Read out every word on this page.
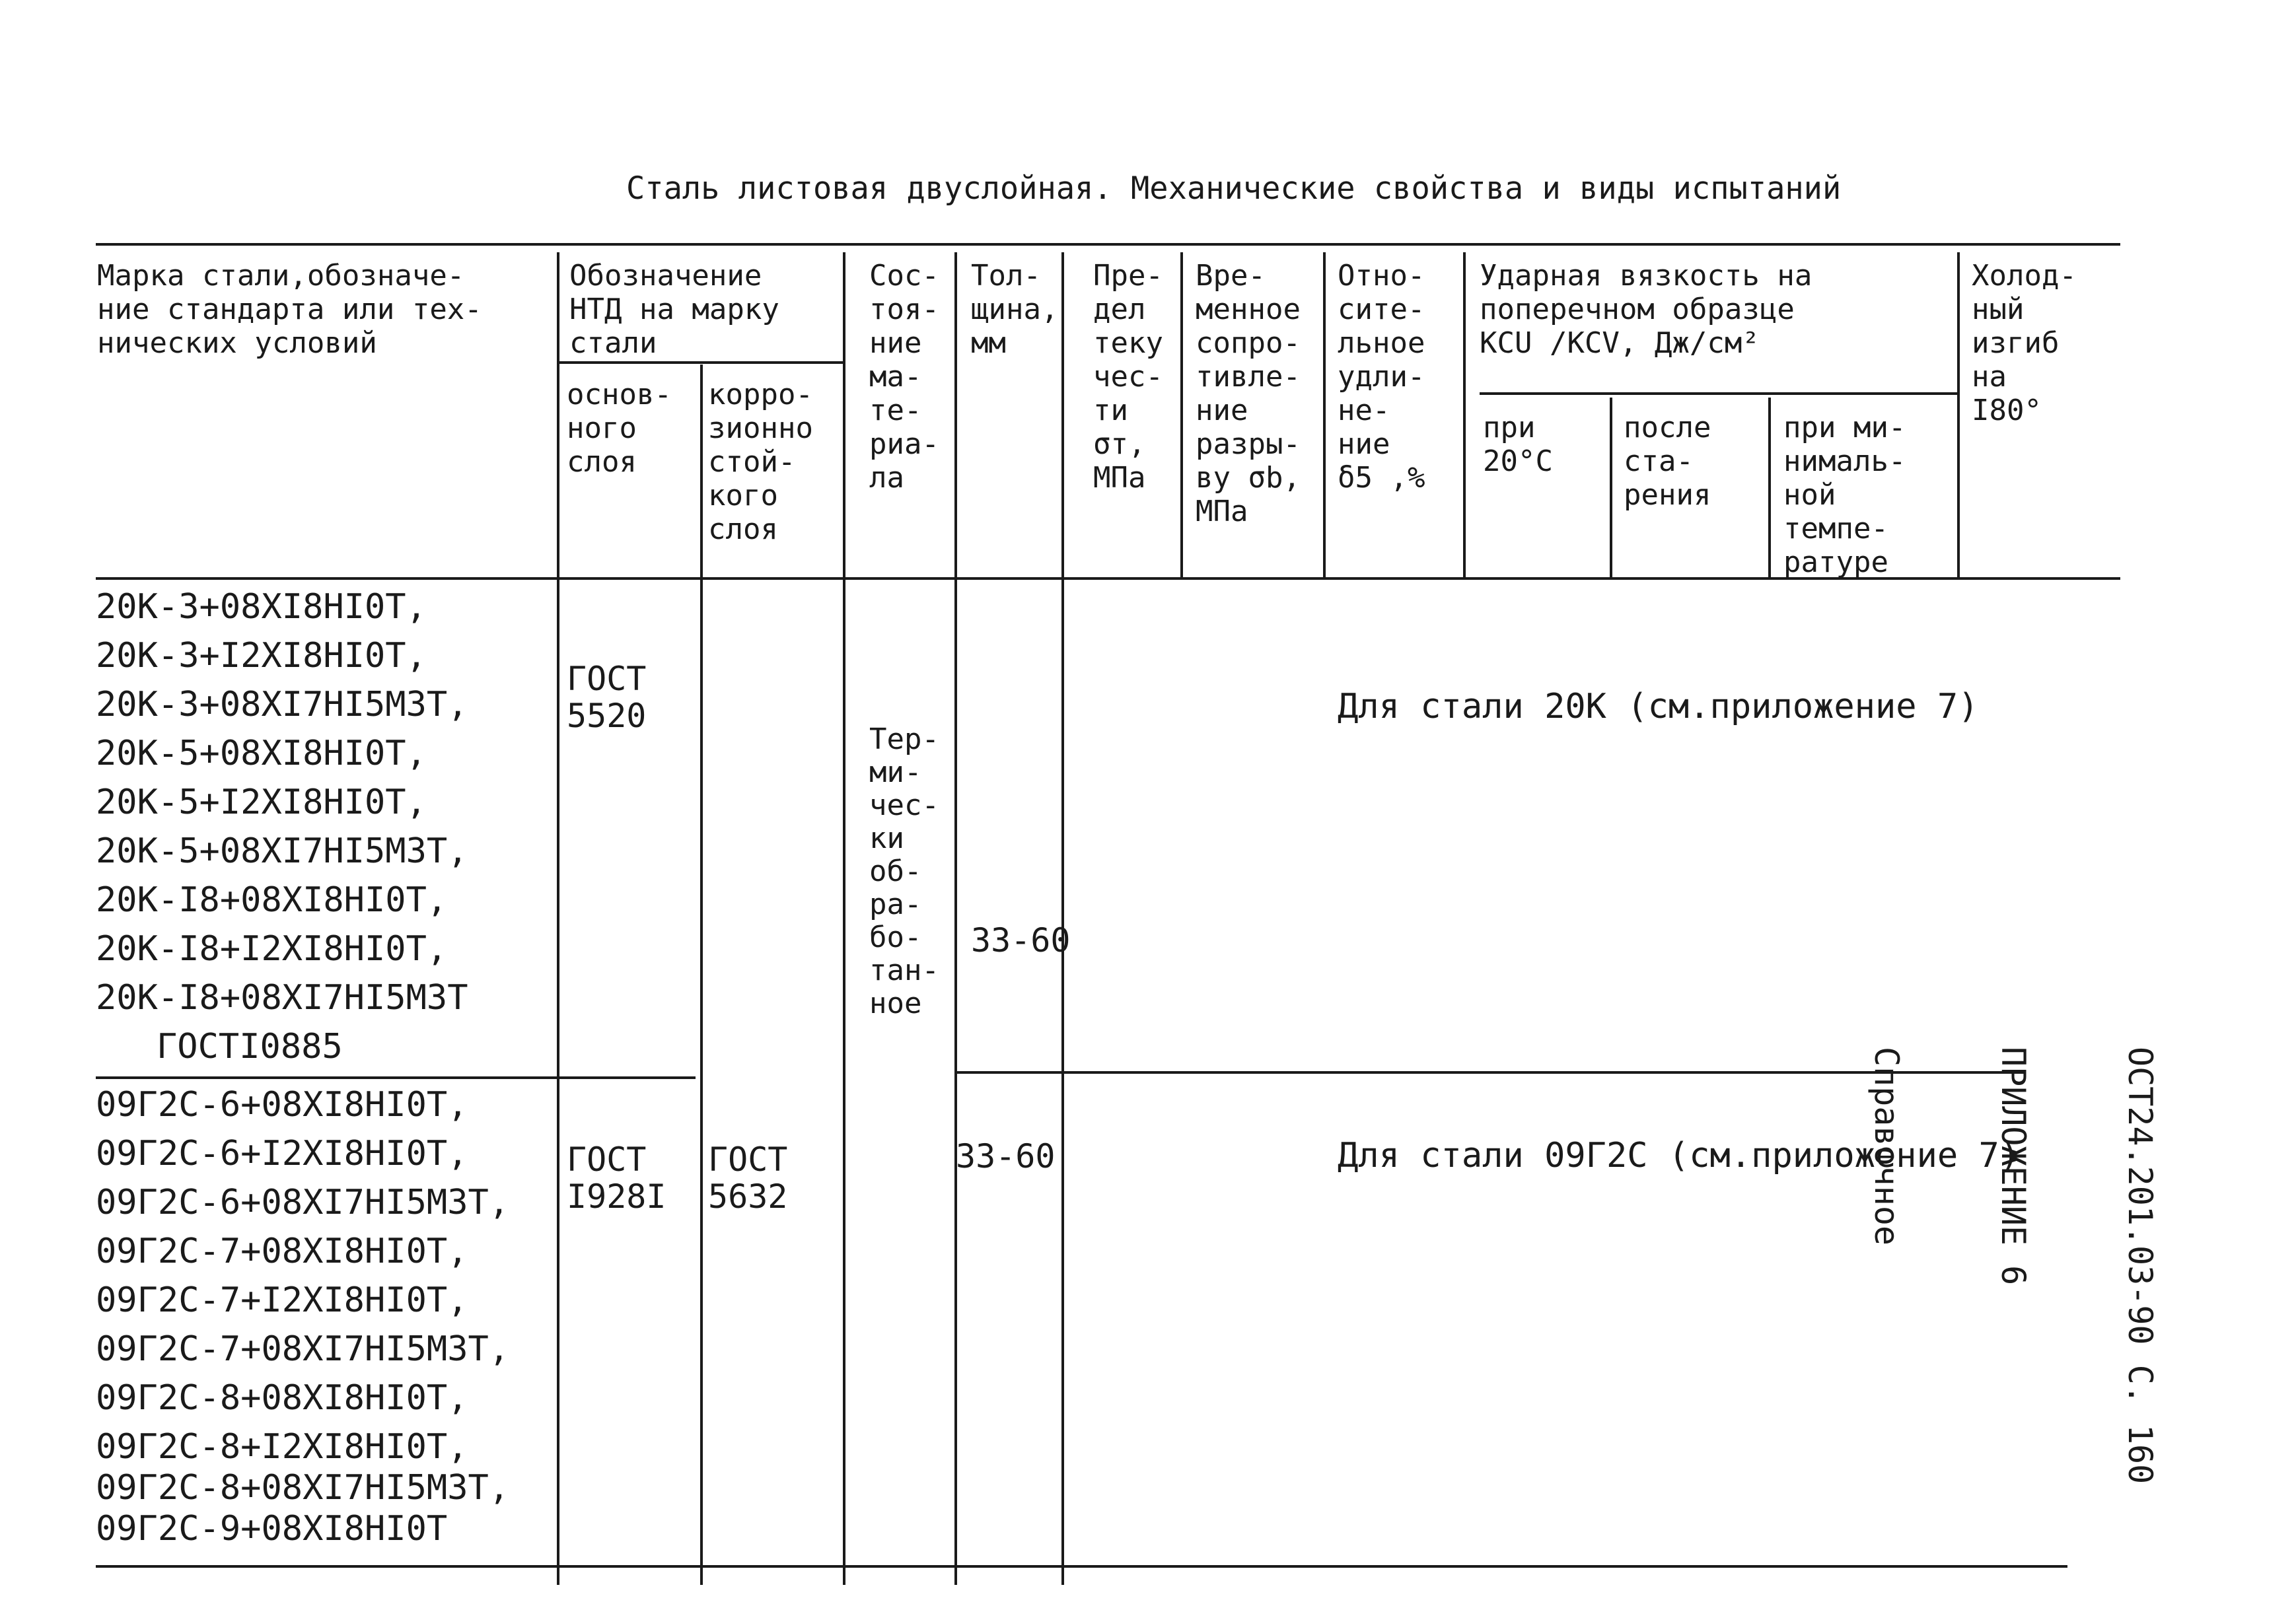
Сталь листовая двуслойная. Механические свойства и виды испытаний
Марка стали,обозначе-
ние стандарта или тех-
нических условий
Обозначение
НТД на марку
стали
основ-
ного
слоя
корро-
зионно
стой-
кого
слоя
Сос-
тоя-
ние
ма-
те-
риа-
ла
Тол-
щина,
мм
Пре-
дел
теку
чес-
ти
σт,
МПа
Вре-
менное
сопро-
тивле-
ние
разры-
ву σb,
МПа
Отно-
сите-
льное
удли-
не-
ние
δ5 ,%
Ударная вязкость на
поперечном образце
КСU /KCV, Дж/см²
при
20°С
после
ста-
рения
при ми-
нималь-
ной
темпе-
ратуре
Холод-
ный
изгиб
на
I80°
20К-3+08ХI8НI0Т,
20К-3+I2ХI8НI0Т,
20К-3+08ХI7НI5М3Т,
20К-5+08ХI8НI0Т,
20К-5+I2ХI8НI0Т,
20К-5+08ХI7НI5М3Т,
20К-I8+08ХI8НI0Т,
20К-I8+I2ХI8НI0Т,
20К-I8+08ХI7НI5М3Т
ГОСТI0885
ГОСТ
5520
Тер-
ми-
чес-
ки
об-
ра-
бо-
тан-
ное
33-60
Для стали 20К (см.приложение 7)
09Г2С-6+08ХI8НI0Т,
09Г2С-6+I2ХI8НI0Т,
09Г2С-6+08ХI7НI5М3Т,
09Г2С-7+08ХI8НI0Т,
09Г2С-7+I2ХI8НI0Т,
09Г2С-7+08ХI7НI5М3Т,
09Г2С-8+08ХI8НI0Т,
09Г2С-8+I2ХI8НI0Т,
09Г2С-8+08ХI7НI5М3Т,
09Г2С-9+08ХI8НI0Т
ГОСТ
I928I
ГОСТ
5632
33-60	Для стали 09Г2С (см.приложение 7)

	ОСТ24.201.03-90 С. 160

ПРИЛОЖЕНИЕ 6

Справочное
